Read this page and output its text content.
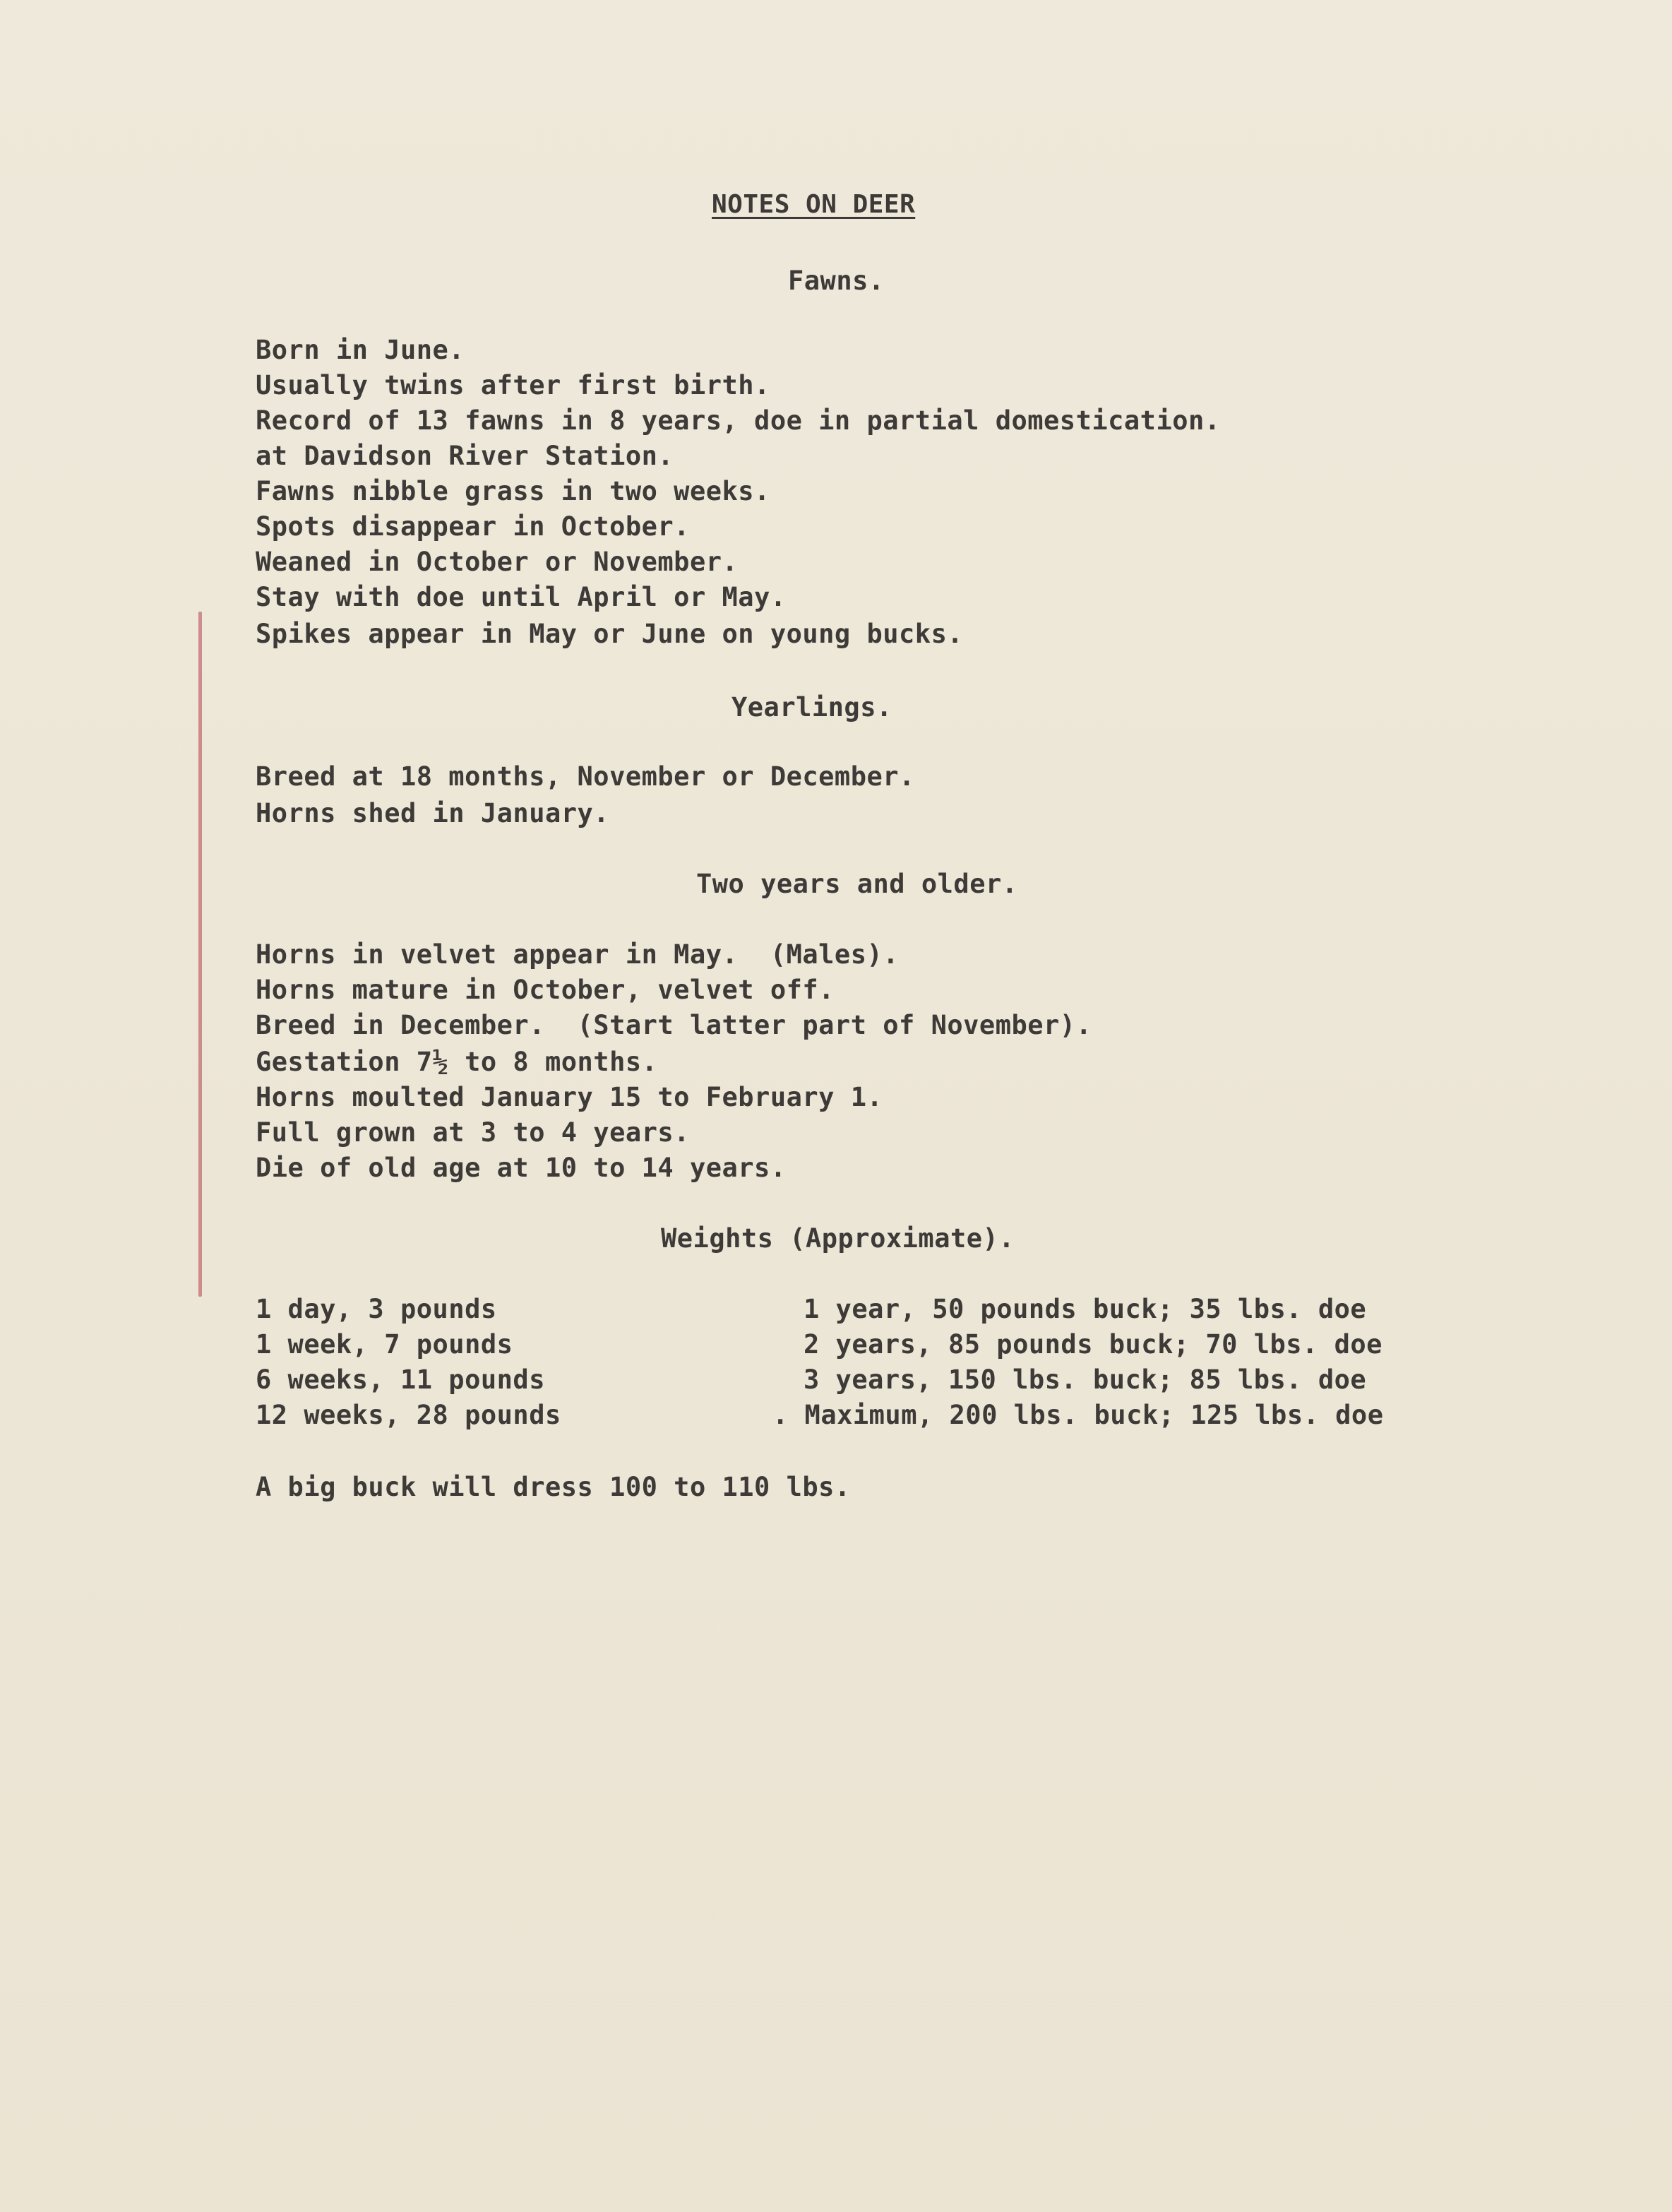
NOTES ON DEER
Fawns.
Born in June.
Usually twins after first birth.
Record of 13 fawns in 8 years, doe in partial domestication.
at Davidson River Station.
Fawns nibble grass in two weeks.
Spots disappear in October.
Weaned in October or November.
Stay with doe until April or May.
Spikes appear in May or June on young bucks.
Yearlings.
Breed at 18 months, November or December.
Horns shed in January.
Two years and older.
Horns in velvet appear in May.  (Males).
Horns mature in October, velvet off.
Breed in December.  (Start latter part of November).
Gestation 7½ to 8 months.
Horns moulted January 15 to February 1.
Full grown at 3 to 4 years.
Die of old age at 10 to 14 years.
Weights (Approximate).
1 day, 3 pounds
1 week, 7 pounds
6 weeks, 11 pounds
12 weeks, 28 pounds
1 year, 50 pounds buck; 35 lbs. doe
2 years, 85 pounds buck; 70 lbs. doe
3 years, 150 lbs. buck; 85 lbs. doe
. Maximum, 200 lbs. buck; 125 lbs. doe
A big buck will dress 100 to 110 lbs.
